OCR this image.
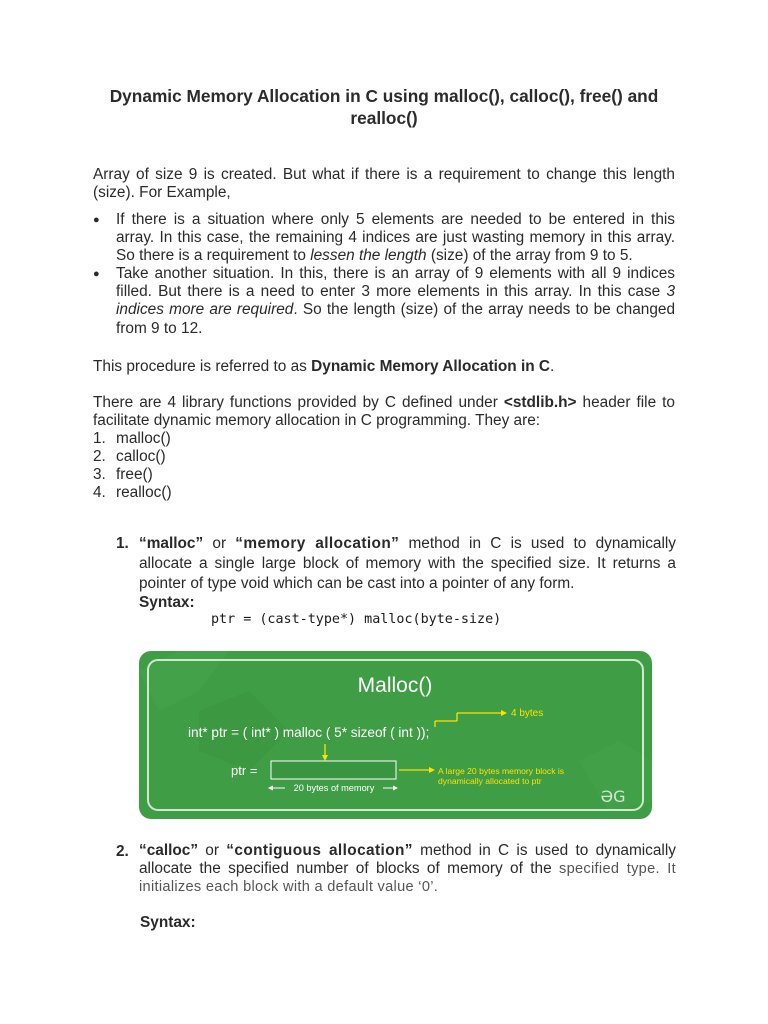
Dynamic Memory Allocation in C using malloc(), calloc(), free() and realloc()

Array of size 9 is created. But what if there is a requirement to change this length (size). For Example,

● If there is a situation where only 5 elements are needed to be entered in this array. In this case, the remaining 4 indices are just wasting memory in this array. So there is a requirement to lessen the length (size) of the array from 9 to 5.
● Take another situation. In this, there is an array of 9 elements with all 9 indices filled. But there is a need to enter 3 more elements in this array. In this case 3 indices more are required. So the length (size) of the array needs to be changed from 9 to 12.
This procedure is referred to as Dynamic Memory Allocation in C.
There are 4 library functions provided by C defined under <stdlib.h> header file to facilitate dynamic memory allocation in C programming. They are:
1. malloc()
2. calloc()
3. free()
4. realloc()
1. “malloc” or “memory allocation” method in C is used to dynamically allocate a single large block of memory with the specified size. It returns a pointer of type void which can be cast into a pointer of any form.
Syntax:
ptr = (cast-type*) malloc(byte-size)
Malloc()
int* ptr = ( int* ) malloc ( 5* sizeof ( int ));
4 bytes
ptr =	A large 20 bytes memory block is
dynamically allocated to ptr
20 bytes of memory	ƏG
2. “calloc” or “contiguous allocation” method in C is used to dynamically allocate the specified number of blocks of memory of the specified type. It initializes each block with a default value ‘0’.
Syntax:
